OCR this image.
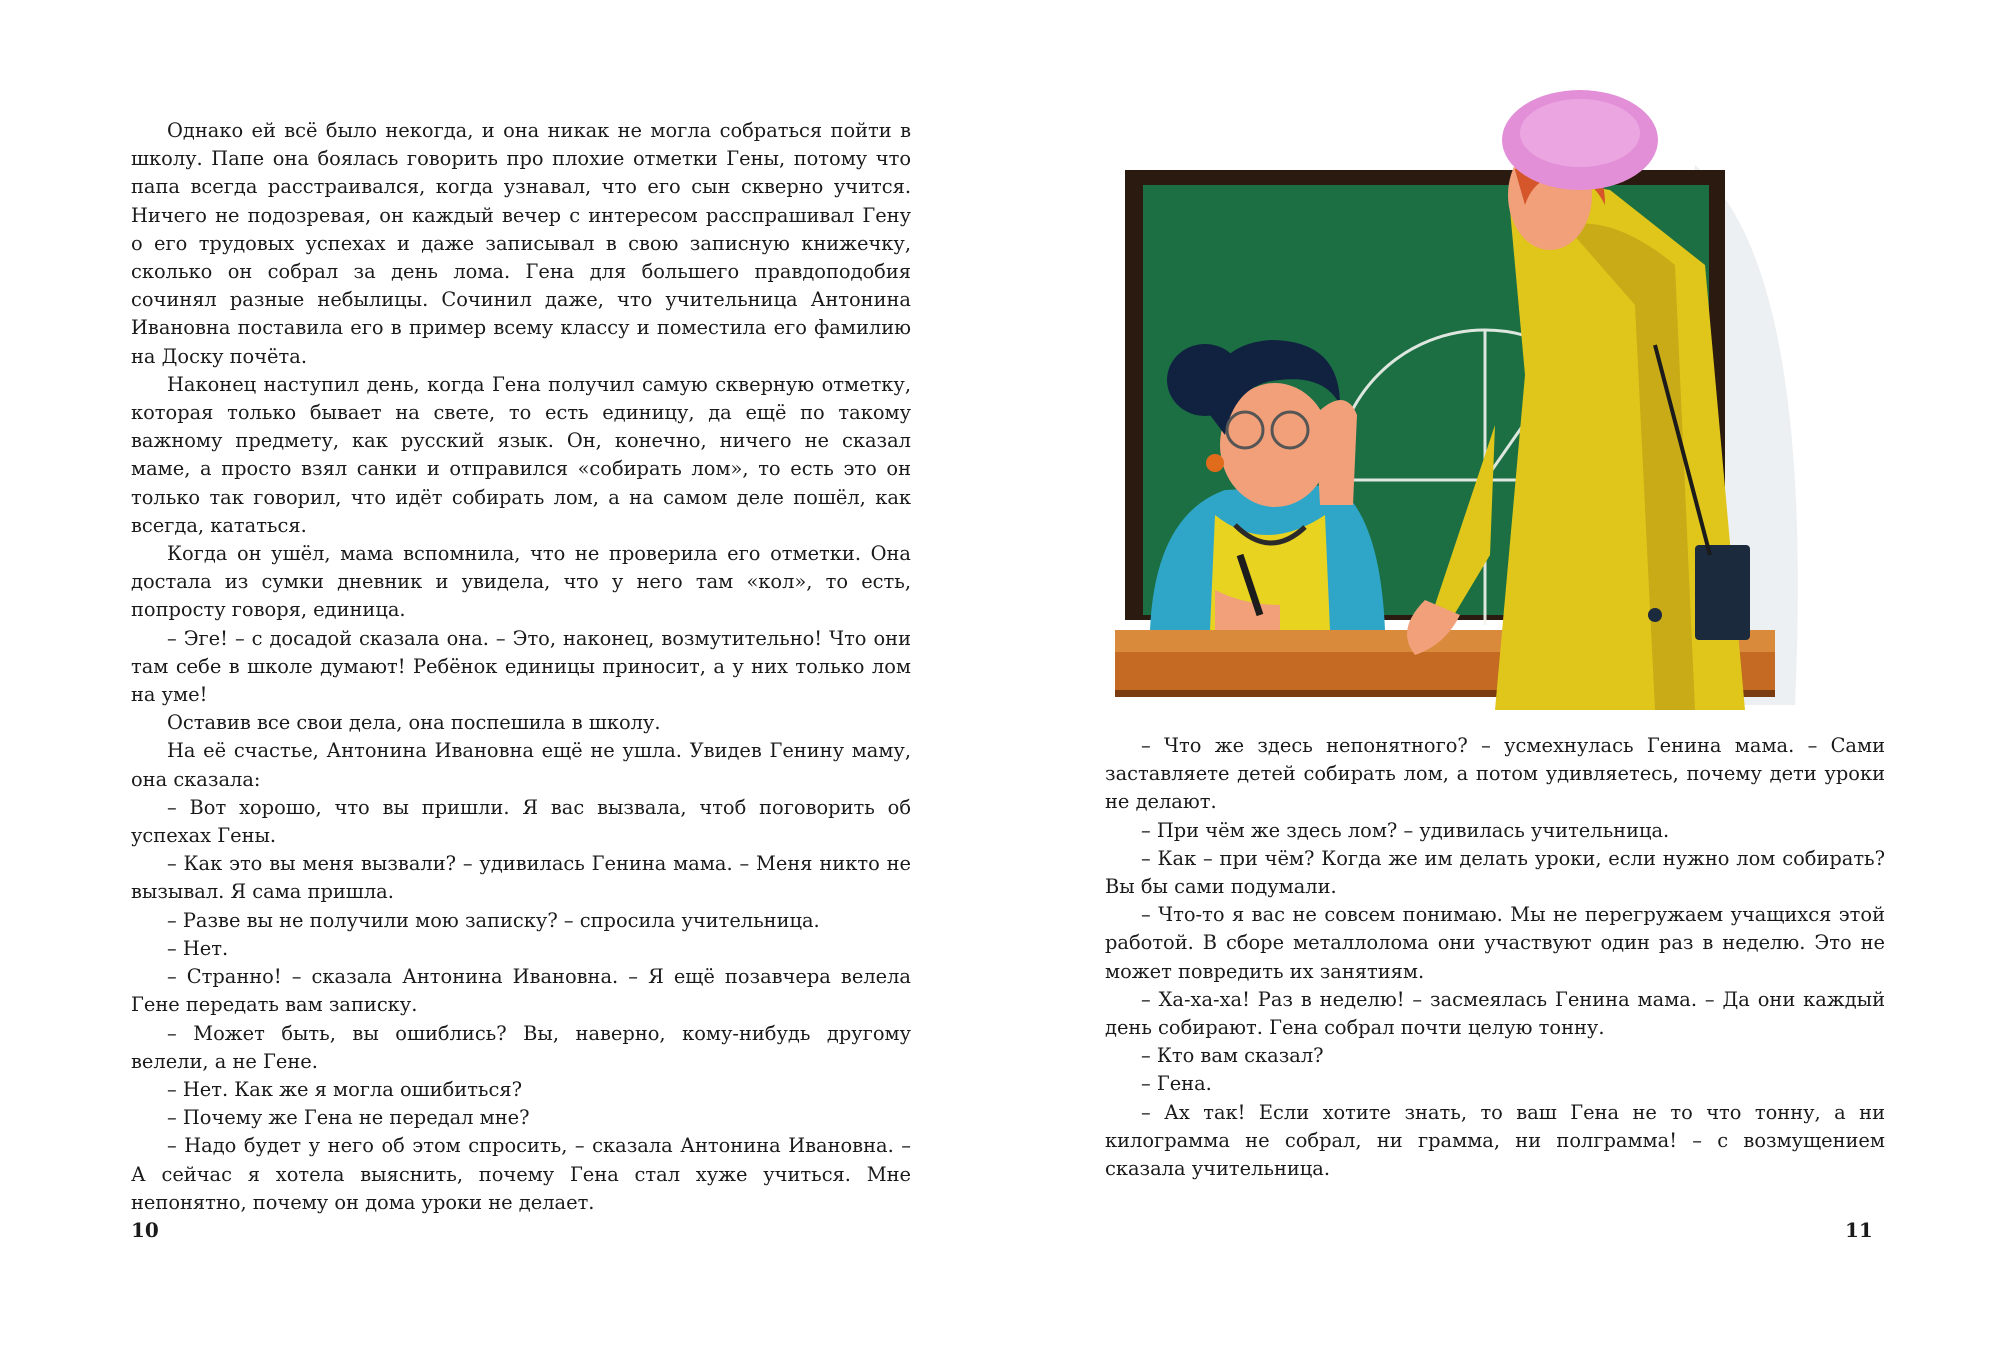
Однако ей всё было некогда, и она никак не могла собраться пойти в школу. Папе она боялась говорить про плохие отметки Гены, потому что папа всегда расстраивался, когда узнавал, что его сын скверно учится. Ничего не подозревая, он каждый вечер с интересом расспрашивал Гену о его трудовых успехах и даже записывал в свою записную книжечку, сколько он собрал за день лома. Гена для большего правдоподобия сочинял разные небылицы. Сочинил даже, что учительница Антонина Ивановна поставила его в пример всему классу и поместила его фамилию на Доску почёта.

Наконец наступил день, когда Гена получил самую скверную отметку, которая только бывает на свете, то есть единицу, да ещё по такому важному предмету, как русский язык. Он, конечно, ничего не сказал маме, а просто взял санки и отправился «собирать лом», то есть это он только так говорил, что идёт собирать лом, а на самом деле пошёл, как всегда, кататься.

Когда он ушёл, мама вспомнила, что не проверила его отметки. Она достала из сумки дневник и увидела, что у него там «кол», то есть, попросту говоря, единица.

– Эге! – с досадой сказала она. – Это, наконец, возмутительно! Что они там себе в школе думают! Ребёнок единицы приносит, а у них только лом на уме!

Оставив все свои дела, она поспешила в школу.

На её счастье, Антонина Ивановна ещё не ушла. Увидев Генину маму, она сказала:

– Вот хорошо, что вы пришли. Я вас вызвала, чтоб поговорить об успехах Гены.

– Как это вы меня вызвали? – удивилась Генина мама. – Меня никто не вызывал. Я сама пришла.

– Разве вы не получили мою записку? – спросила учительница.

– Нет.

– Странно! – сказала Антонина Ивановна. – Я ещё позавчера велела Гене передать вам записку.

– Может быть, вы ошиблись? Вы, наверно, кому-нибудь другому велели, а не Гене.

– Нет. Как же я могла ошибиться?

– Почему же Гена не передал мне?

– Надо будет у него об этом спросить, – сказала Антонина Ивановна. – А сейчас я хотела выяснить, почему Гена стал хуже учиться. Мне непонятно, почему он дома уроки не делает.

10

– Что же здесь непонятного? – усмехнулась Генина мама. – Сами заставляете детей собирать лом, а потом удивляетесь, почему дети уроки не делают.

– При чём же здесь лом? – удивилась учительница.

– Как – при чём? Когда же им делать уроки, если нужно лом собирать? Вы бы сами подумали.

– Что-то я вас не совсем понимаю. Мы не перегружаем учащихся этой работой. В сборе металлолома они участвуют один раз в неделю. Это не может повредить их занятиям.

– Ха-ха-ха! Раз в неделю! – засмеялась Генина мама. – Да они каждый день собирают. Гена собрал почти целую тонну.

– Кто вам сказал?

– Гена.

– Ах так! Если хотите знать, то ваш Гена не то что тонну, а ни килограмма не собрал, ни грамма, ни полграмма! – с возмущением сказала учительница.

11
